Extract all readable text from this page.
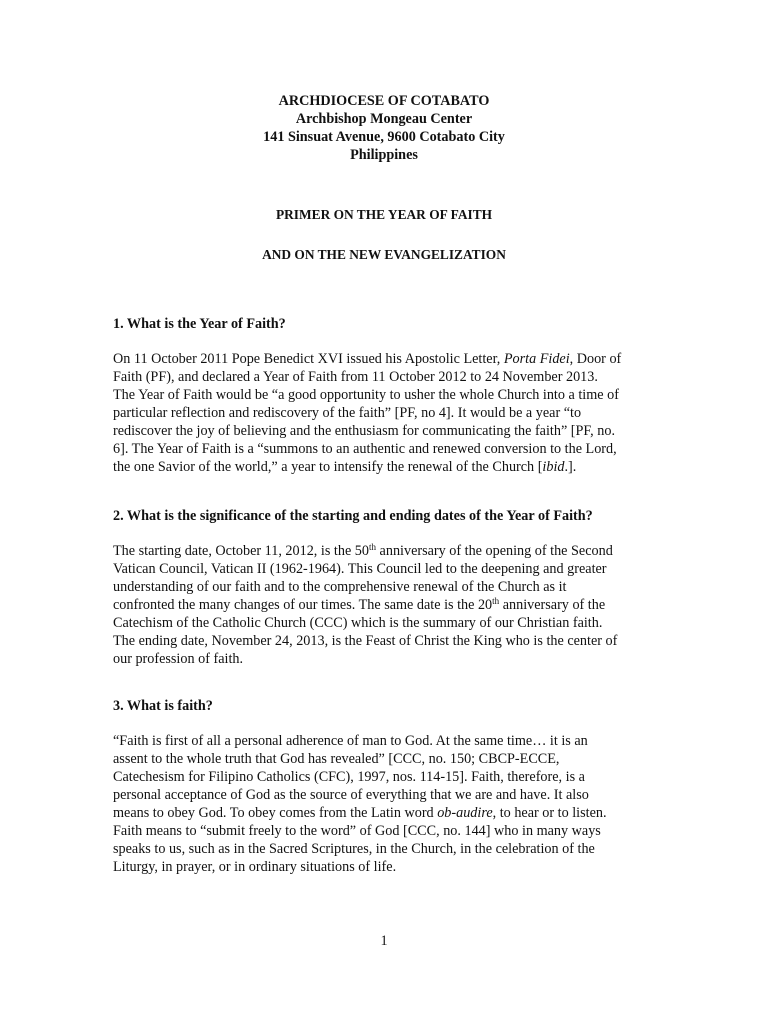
ARCHDIOCESE OF COTABATO
Archbishop Mongeau Center
141 Sinsuat Avenue, 9600 Cotabato City
Philippines
PRIMER ON THE YEAR OF FAITH
AND ON THE NEW EVANGELIZATION
1. What is the Year of Faith?
On 11 October 2011 Pope Benedict XVI issued his Apostolic Letter, Porta Fidei, Door of
Faith (PF), and declared a Year of Faith from 11 October 2012 to 24 November 2013.
The Year of Faith would be “a good opportunity to usher the whole Church into a time of
particular reflection and rediscovery of the faith” [PF, no 4]. It would be a year “to
rediscover the joy of believing and the enthusiasm for communicating the faith” [PF, no.
6]. The Year of Faith is a “summons to an authentic and renewed conversion to the Lord,
the one Savior of the world,” a year to intensify the renewal of the Church [ibid.].
2. What is the significance of the starting and ending dates of the Year of Faith?
The starting date, October 11, 2012, is the 50th anniversary of the opening of the Second
Vatican Council, Vatican II (1962-1964). This Council led to the deepening and greater
understanding of our faith and to the comprehensive renewal of the Church as it
confronted the many changes of our times. The same date is the 20th anniversary of the
Catechism of the Catholic Church (CCC) which is the summary of our Christian faith.
The ending date, November 24, 2013, is the Feast of Christ the King who is the center of
our profession of faith.
3. What is faith?
“Faith is first of all a personal adherence of man to God. At the same time… it is an
assent to the whole truth that God has revealed” [CCC, no. 150; CBCP-ECCE,
Catechesism for Filipino Catholics (CFC), 1997, nos. 114-15]. Faith, therefore, is a
personal acceptance of God as the source of everything that we are and have. It also
means to obey God. To obey comes from the Latin word ob-audire, to hear or to listen.
Faith means to “submit freely to the word” of God [CCC, no. 144] who in many ways
speaks to us, such as in the Sacred Scriptures, in the Church, in the celebration of the
Liturgy, in prayer, or in ordinary situations of life.
1
